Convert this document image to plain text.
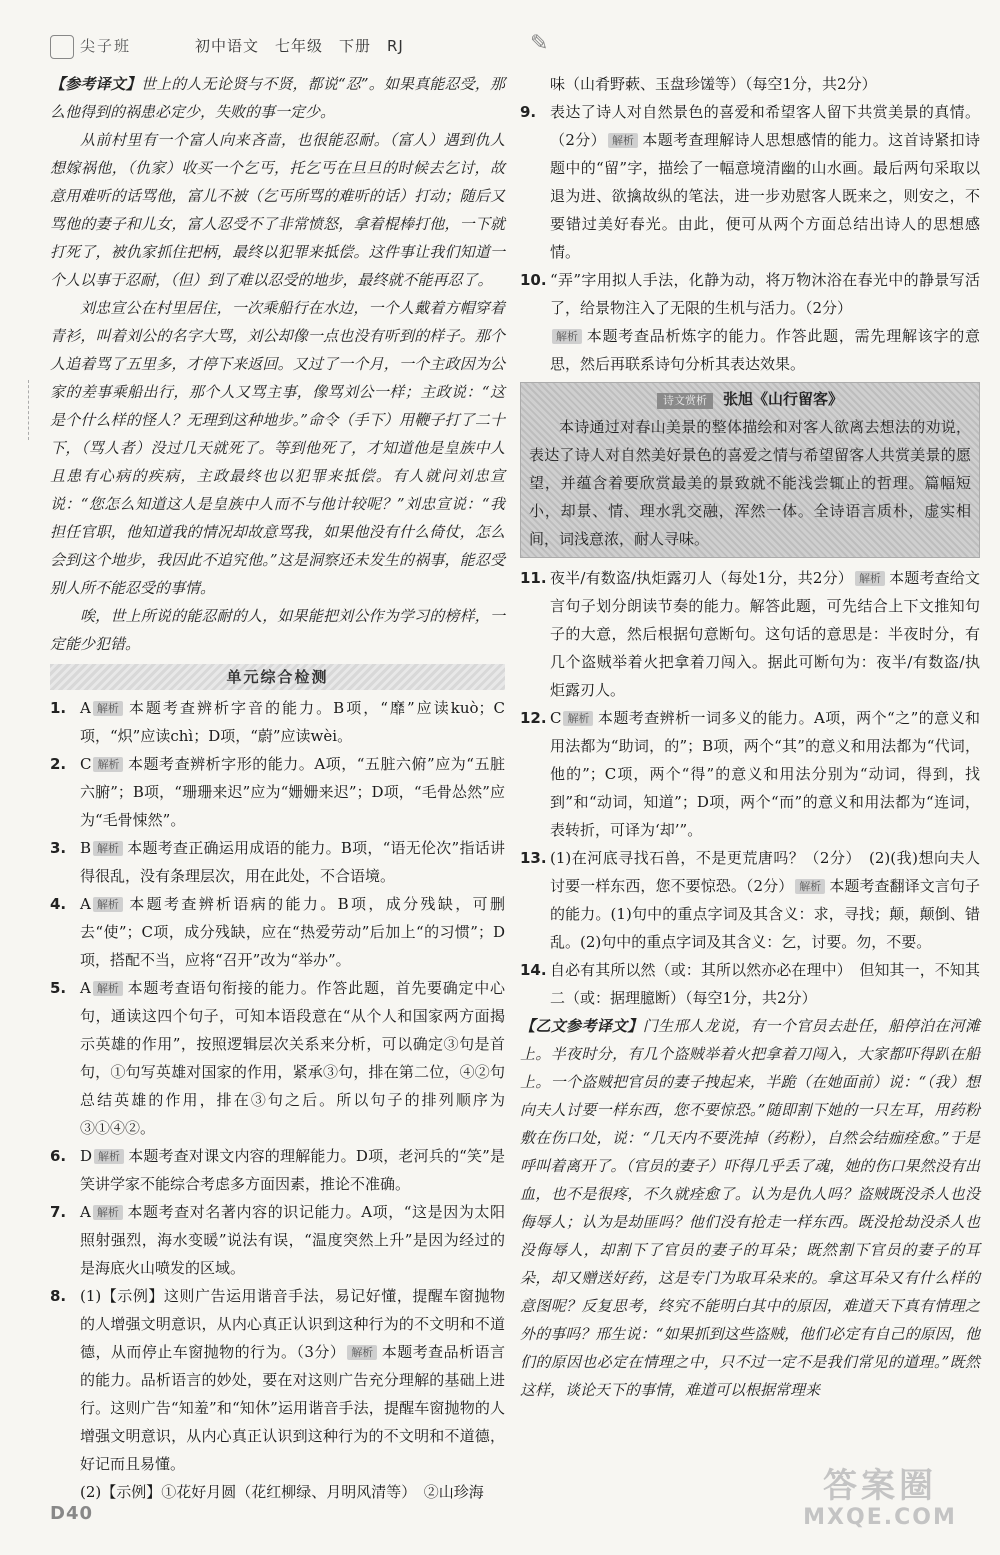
尖子班	初中语文　七年级　下册　RJ	✎

【参考译文】世上的人无论贤与不贤，都说“忍”。如果真能忍受，那么他得到的祸患必定少，失败的事一定少。

从前村里有一个富人向来吝啬，也很能忍耐。（富人）遇到仇人想嫁祸他，（仇家）收买一个乞丐，托乞丐在旦旦的时候去乞讨，故意用难听的话骂他，富儿不被（乞丐所骂的难听的话）打动；随后又骂他的妻子和儿女，富人忍受不了非常愤怒，拿着棍棒打他，一下就打死了，被仇家抓住把柄，最终以犯罪来抵偿。这件事让我们知道一个人以事于忍耐，（但）到了难以忍受的地步，最终就不能再忍了。

刘忠宣公在村里居住，一次乘船行在水边，一个人戴着方帽穿着青衫，叫着刘公的名字大骂，刘公却像一点也没有听到的样子。那个人追着骂了五里多，才停下来返回。又过了一个月，一个主政因为公家的差事乘船出行，那个人又骂主事，像骂刘公一样；主政说：“这是个什么样的怪人？无理到这种地步。”命令（手下）用鞭子打了二十下，（骂人者）没过几天就死了。等到他死了，才知道他是皇族中人且患有心病的疾病，主政最终也以犯罪来抵偿。有人就问刘忠宣说：“您怎么知道这人是皇族中人而不与他计较呢？”刘忠宣说：“我担任官职，他知道我的情况却故意骂我，如果他没有什么倚仗，怎么会到这个地步，我因此不追究他。”这是洞察还未发生的祸事，能忍受别人所不能忍受的事情。

唉，世上所说的能忍耐的人，如果能把刘公作为学习的榜样，一定能少犯错。

单元综合检测
1. A 解析 本题考查辨析字音的能力。B项，“靡”应读kuò；C项，“炽”应读chì；D项，“蔚”应读wèi。
2. C 解析 本题考查辨析字形的能力。A项，“五脏六俯”应为“五脏六腑”；B项，“珊珊来迟”应为“姗姗来迟”；D项，“毛骨怂然”应为“毛骨悚然”。
3. B 解析 本题考查正确运用成语的能力。B项，“语无伦次”指话讲得很乱，没有条理层次，用在此处，不合语境。
4. A 解析 本题考查辨析语病的能力。B项，成分残缺，可删去“使”；C项，成分残缺，应在“热爱劳动”后加上“的习惯”；D项，搭配不当，应将“召开”改为“举办”。
5. A 解析 本题考查语句衔接的能力。作答此题，首先要确定中心句，通读这四个句子，可知本语段意在“从个人和国家两方面揭示英雄的作用”，按照逻辑层次关系来分析，可以确定③句是首句，①句写英雄对国家的作用，紧承③句，排在第二位，④②句总结英雄的作用，排在③句之后。所以句子的排列顺序为③①④②。
6. D 解析 本题考查对课文内容的理解能力。D项，老河兵的“笑”是笑讲学家不能综合考虑多方面因素，推论不准确。
7. A 解析 本题考查对名著内容的识记能力。A项，“这是因为太阳照射强烈，海水变暖”说法有误，“温度突然上升”是因为经过的是海底火山喷发的区域。
8. (1)【示例】这则广告运用谐音手法，易记好懂，提醒车窗抛物的人增强文明意识，从内心真正认识到这种行为的不文明和不道德，从而停止车窗抛物的行为。（3分） 解析 本题考查品析语言的能力。品析语言的妙处，要在对这则广告充分理解的基础上进行。这则广告“知羞”和“知休”运用谐音手法，提醒车窗抛物的人增强文明意识，从内心真正认识到这种行为的不文明和不道德，好记而且易懂。
(2)【示例】①花好月圆（花红柳绿、月明风清等）　②山珍海

味（山肴野蔌、玉盘珍馐等）（每空1分，共2分）

9. 表达了诗人对自然景色的喜爱和希望客人留下共赏美景的真情。（2分） 解析 本题考查理解诗人思想感情的能力。这首诗紧扣诗题中的“留”字，描绘了一幅意境清幽的山水画。最后两句采取以退为进、欲擒故纵的笔法，进一步劝慰客人既来之，则安之，不要错过美好春光。由此，便可从两个方面总结出诗人的思想感情。
10. “弄”字用拟人手法，化静为动，将万物沐浴在春光中的静景写活了，给景物注入了无限的生机与活力。（2分）
解析 本题考查品析炼字的能力。作答此题，需先理解该字的意思，然后再联系诗句分析其表达效果。
诗文赏析 张旭《山行留客》

本诗通过对春山美景的整体描绘和对客人欲离去想法的劝说，表达了诗人对自然美好景色的喜爱之情与希望留客人共赏美景的愿望，并蕴含着要欣赏最美的景致就不能浅尝辄止的哲理。篇幅短小，却景、情、理水乳交融，浑然一体。全诗语言质朴，虚实相间，词浅意浓，耐人寻味。

11. 夜半/有数盗/执炬露刃人（每处1分，共2分） 解析 本题考查给文言句子划分朗读节奏的能力。解答此题，可先结合上下文推知句子的大意，然后根据句意断句。这句话的意思是：半夜时分，有几个盗贼举着火把拿着刀闯入。据此可断句为：夜半/有数盗/执炬露刃人。
12. C 解析 本题考查辨析一词多义的能力。A项，两个“之”的意义和用法都为“助词，的”；B项，两个“其”的意义和用法都为“代词，他的”；C项，两个“得”的意义和用法分别为“动词，得到，找到”和“动词，知道”；D项，两个“而”的意义和用法都为“连词，表转折，可译为‘却’”。
13. (1)在河底寻找石兽，不是更荒唐吗？（2分）　(2)(我)想向夫人讨要一样东西，您不要惊恐。（2分） 解析 本题考查翻译文言句子的能力。(1)句中的重点字词及其含义：求，寻找；颠，颠倒、错乱。(2)句中的重点字词及其含义：乞，讨要。勿，不要。
14. 自必有其所以然（或：其所以然亦必在理中）　但知其一，不知其二（或：据理臆断）（每空1分，共2分）

【乙文参考译文】门生邢人龙说，有一个官员去赴任，船停泊在河滩上。半夜时分，有几个盗贼举着火把拿着刀闯入，大家都吓得趴在船上。一个盗贼把官员的妻子拽起来，半跪（在她面前）说：“（我）想向夫人讨要一样东西，您不要惊恐。”随即割下她的一只左耳，用药粉敷在伤口处，说：“几天内不要洗掉（药粉），自然会结痂痊愈。”于是呼叫着离开了。（官员的妻子）吓得几乎丢了魂，她的伤口果然没有出血，也不是很疼，不久就痊愈了。认为是仇人吗？盗贼既没杀人也没侮辱人；认为是劫匪吗？他们没有抢走一样东西。既没抢劫没杀人也没侮辱人，却割下了官员的妻子的耳朵；既然割下官员的妻子的耳朵，却又赠送好药，这是专门为取耳朵来的。拿这耳朵又有什么样的意图呢？反复思考，终究不能明白其中的原因，难道天下真有情理之外的事吗？邢生说：“如果抓到这些盗贼，他们必定有自己的原因，他们的原因也必定在情理之中，只不过一定不是我们常见的道理。”既然这样，谈论天下的事情，难道可以根据常理来

D40
答案圈
MXQE.COM
